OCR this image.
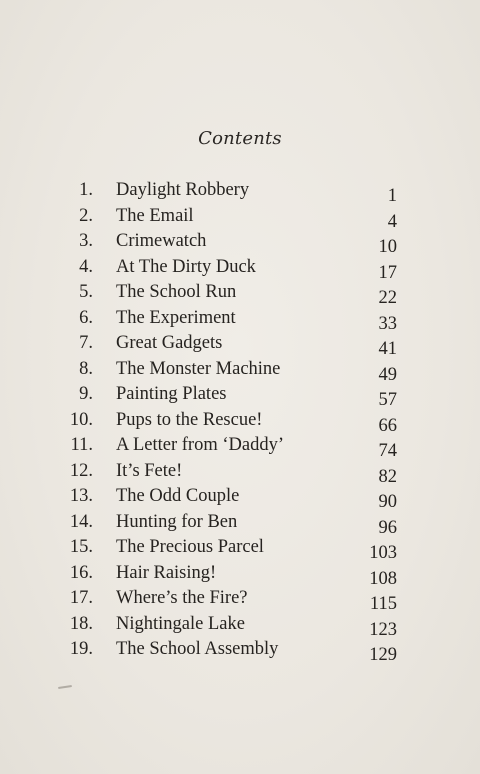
Contents
1. Daylight Robbery	1
2. The Email	4
3. Crimewatch	10
4. At The Dirty Duck	17
5. The School Run	22
6. The Experiment	33
7. Great Gadgets	41
8. The Monster Machine	49
9. Painting Plates	57
10. Pups to the Rescue!	66
11. A Letter from ‘Daddy’	74
12. It’s Fete!	82
13. The Odd Couple	90
14. Hunting for Ben	96
15. The Precious Parcel	103
16. Hair Raising!	108
17. Where’s the Fire?	115
18. Nightingale Lake	123
19. The School Assembly	129
